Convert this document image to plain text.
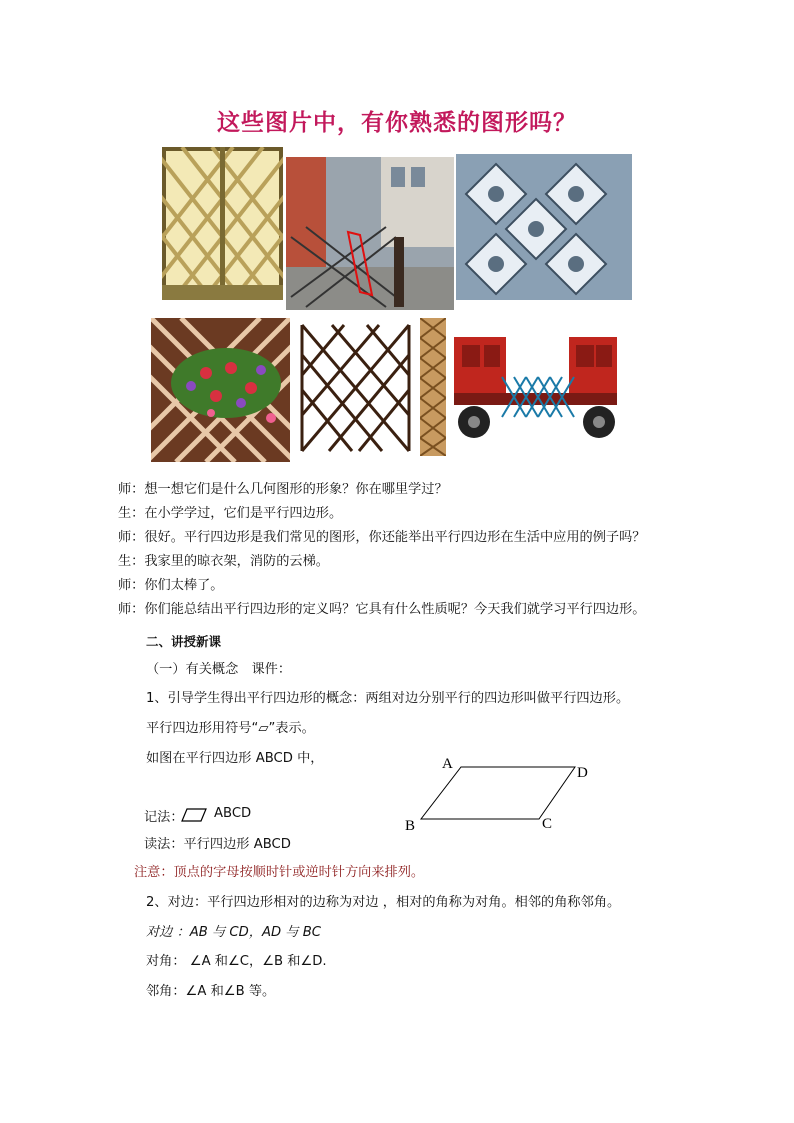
这些图片中，有你熟悉的图形吗？
师：想一想它们是什么几何图形的形象？你在哪里学过？
生：在小学学过，它们是平行四边形。
师：很好。平行四边形是我们常见的图形，你还能举出平行四边形在生活中应用的例子吗？
生：我家里的晾衣架，消防的云梯。
师：你们太棒了。
师：你们能总结出平行四边形的定义吗？它具有什么性质呢？今天我们就学习平行四边形。
二、讲授新课
（一）有关概念　课件：
1、引导学生得出平行四边形的概念：两组对边分别平行的四边形叫做平行四边形。
平行四边形用符号“▱”表示。
如图在平行四边形 ABCD 中，
记法： ABCD
读法：平行四边形 ABCD
A
D
B	C
注意：顶点的字母按顺时针或逆时针方向来排列。
2、对边：平行四边形相对的边称为对边 ，相对的角称为对角。相邻的角称邻角。
对边 ：AB 与 CD，AD 与 BC
对角： ∠A 和∠C，∠B 和∠D.
邻角：∠A 和∠B 等。
